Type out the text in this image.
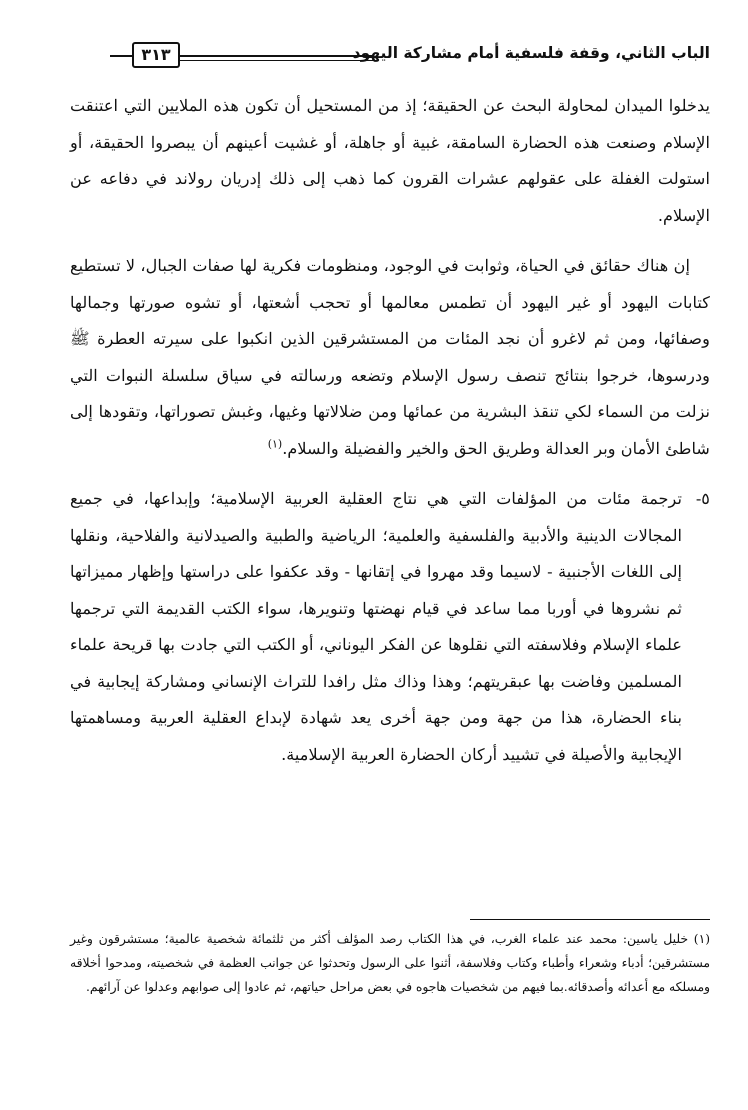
الباب الثاني، وقفة فلسفية أمام مشاركة اليهود
٣١٣

يدخلوا الميدان لمحاولة البحث عن الحقيقة؛ إذ من المستحيل أن تكون هذه الملايين التي اعتنقت الإسلام وصنعت هذه الحضارة السامقة، غبية أو جاهلة، أو غشيت أعينهم أن يبصروا الحقيقة، أو استولت الغفلة على عقولهم عشرات القرون كما ذهب إلى ذلك إدريان رولاند في دفاعه عن الإسلام.

إن هناك حقائق في الحياة، وثوابت في الوجود، ومنظومات فكرية لها صفات الجبال، لا تستطيع كتابات اليهود أو غير اليهود أن تطمس معالمها أو تحجب أشعتها، أو تشوه صورتها وجمالها وصفائها، ومن ثم لاغرو أن نجد المئات من المستشرقين الذين انكبوا على سيرته العطرة ﷺ ودرسوها، خرجوا بنتائج تنصف رسول الإسلام وتضعه ورسالته في سياق سلسلة النبوات التي نزلت من السماء لكي تنقذ البشرية من عمائها ومن ضلالاتها وغيها، وغبش تصوراتها، وتقودها إلى شاطئ الأمان وبر العدالة وطريق الحق والخير والفضيلة والسلام.$^{(١)}$

٥-

ترجمة مئات من المؤلفات التي هي نتاج العقلية العربية الإسلامية؛ وإبداعها، في جميع المجالات الدينية والأدبية والفلسفية والعلمية؛ الرياضية والطبية والصيدلانية والفلاحية، ونقلها إلى اللغات الأجنبية - لاسيما وقد مهروا في إتقانها - وقد عكفوا على دراستها وإظهار مميزاتها ثم نشروها في أوربا مما ساعد في قيام نهضتها وتنويرها، سواء الكتب القديمة التي ترجمها علماء الإسلام وفلاسفته التي نقلوها عن الفكر اليوناني، أو الكتب التي جادت بها قريحة علماء المسلمين وفاضت بها عبقريتهم؛ وهذا وذاك مثل رافدا للتراث الإنساني ومشاركة إيجابية في بناء الحضارة، هذا من جهة ومن جهة أخرى يعد شهادة لإبداع العقلية العربية ومساهمتها الإيجابية والأصيلة في تشييد أركان الحضارة العربية الإسلامية.

(١) خليل ياسين: محمد عند علماء الغرب، في هذا الكتاب رصد المؤلف أكثر من ثلثمائة شخصية عالمية؛ مستشرقون وغير مستشرقين؛ أدباء وشعراء وأطباء وكتاب وفلاسفة، أثنوا على الرسول وتحدثوا عن جوانب العظمة في شخصيته، ومدحوا أخلاقه ومسلكه مع أعدائه وأصدقائه.بما فيهم من شخصيات هاجوه في بعض مراحل حياتهم، ثم عادوا إلى صوابهم وعدلوا عن آرائهم.
